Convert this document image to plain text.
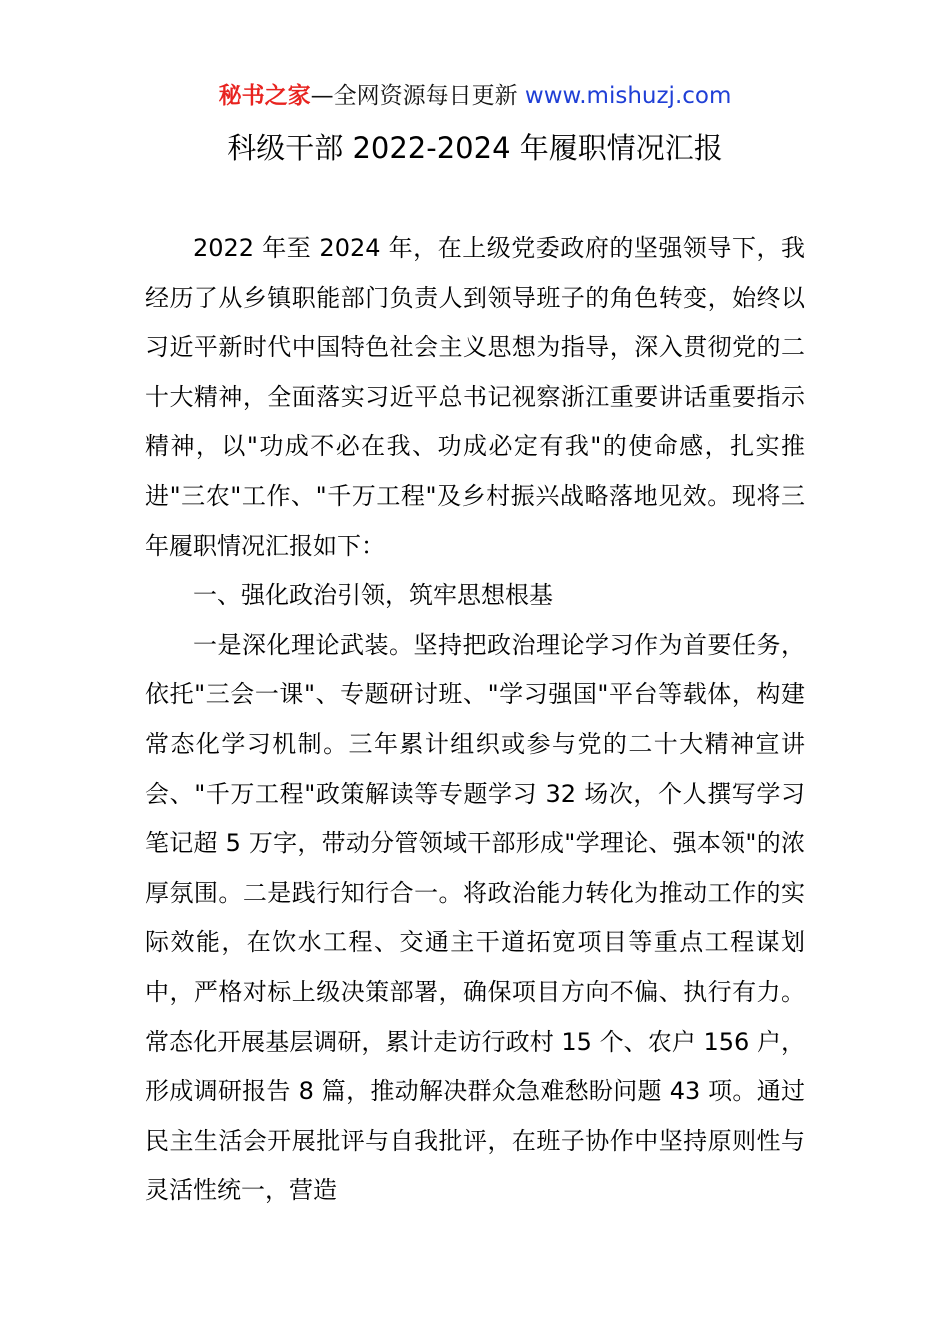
秘书之家—全网资源每日更新 www.mishuzj.com
科级干部 2022-2024 年履职情况汇报

2022 年至 2024 年，在上级党委政府的坚强领导下，我经历了从乡镇职能部门负责人到领导班子的角色转变，始终以习近平新时代中国特色社会主义思想为指导，深入贯彻党的二十大精神，全面落实习近平总书记视察浙江重要讲话重要指示精神，以"功成不必在我、功成必定有我"的使命感，扎实推进"三农"工作、"千万工程"及乡村振兴战略落地见效。现将三年履职情况汇报如下：

一、强化政治引领，筑牢思想根基

一是深化理论武装。坚持把政治理论学习作为首要任务，依托"三会一课"、专题研讨班、"学习强国"平台等载体，构建常态化学习机制。三年累计组织或参与党的二十大精神宣讲会、"千万工程"政策解读等专题学习 32 场次，个人撰写学习笔记超 5 万字，带动分管领域干部形成"学理论、强本领"的浓厚氛围。二是践行知行合一。将政治能力转化为推动工作的实际效能，在饮水工程、交通主干道拓宽项目等重点工程谋划中，严格对标上级决策部署，确保项目方向不偏、执行有力。常态化开展基层调研，累计走访行政村 15 个、农户 156 户，形成调研报告 8 篇，推动解决群众急难愁盼问题 43 项。通过民主生活会开展批评与自我批评，在班子协作中坚持原则性与灵活性统一，营造
